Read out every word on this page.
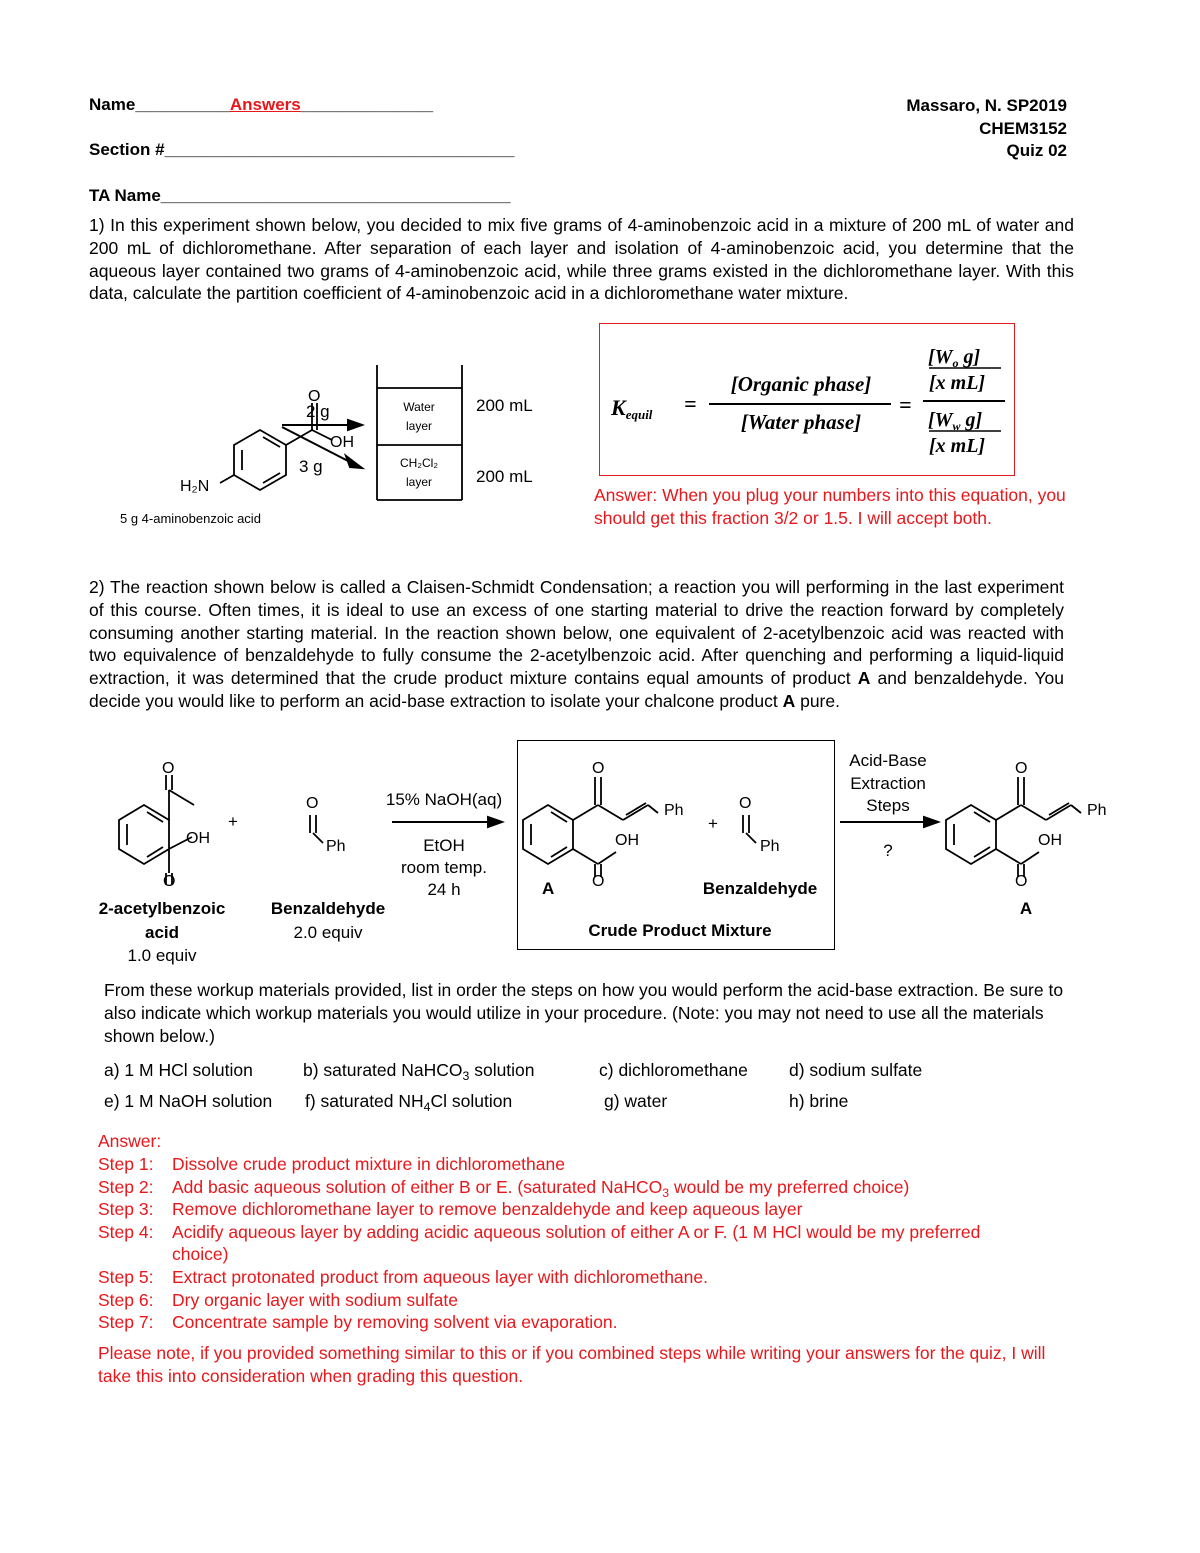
Name__________Answers______________
Section #_____________________________________
TA Name_____________________________________
Massaro, N. SP2019
CHEM3152
Quiz 02
1) In this experiment shown below, you decided to mix five grams of 4-aminobenzoic acid in a mixture of 200 mL of water and 200 mL of dichloromethane. After separation of each layer and isolation of 4-aminobenzoic acid, you determine that the aqueous layer contained two grams of 4-aminobenzoic acid, while three grams existed in the dichloromethane layer. With this data, calculate the partition coefficient of 4-aminobenzoic acid in a dichloromethane water mixture.
O
OH
H₂N
5 g 4-aminobenzoic acid
2 g
3 g
Water
layer
CH₂Cl₂
layer
200 mL
200 mL
Kequil =
[Organic phase]
[Water phase]
=
[$W_o$ g]
[x mL]
[$W_w$ g]
[x mL]
Answer: When you plug your numbers into this equation, you should get this fraction 3/2 or 1.5. I will accept both.
2) The reaction shown below is called a Claisen-Schmidt Condensation; a reaction you will performing in the last experiment of this course. Often times, it is ideal to use an excess of one starting material to drive the reaction forward by completely consuming another starting material. In the reaction shown below, one equivalent of 2-acetylbenzoic acid was reacted with two equivalence of benzaldehyde to fully consume the 2-acetylbenzoic acid. After quenching and performing a liquid-liquid extraction, it was determined that the crude product mixture contains equal amounts of product A and benzaldehyde. You decide you would like to perform an acid-base extraction to isolate your chalcone product A pure.
O
OH
O
+
O
Ph
2-acetylbenzoic
acid
1.0 equiv
Benzaldehyde
2.0 equiv
15% NaOH(aq)
EtOH
room temp.
24 h
O
Ph
OH
O
A
+
O
Ph
Benzaldehyde
Crude Product Mixture
Acid-Base
Extraction
Steps
?
O
Ph
OH
O
A
From these workup materials provided, list in order the steps on how you would perform the acid-base extraction. Be sure to also indicate which workup materials you would utilize in your procedure. (Note: you may not need to use all the materials shown below.)
a) 1 M HCl solution	b) saturated NaHCO$_3$ solution	c) dichloromethane d) sodium sulfate
e) 1 M NaOH solution f) saturated $NH_4Cl$ solution	g) water	h) brine
Answer:
Step 1: Dissolve crude product mixture in dichloromethane
Step 2: Add basic aqueous solution of either B or E. (saturated NaHCO$_3$ would be my preferred choice)
Step 3: Remove dichloromethane layer to remove benzaldehyde and keep aqueous layer
Step 4: Acidify aqueous layer by adding acidic aqueous solution of either A or F. (1 M HCl would be my preferred
choice)
Step 5: Extract protonated product from aqueous layer with dichloromethane.
Step 6: Dry organic layer with sodium sulfate
Step 7: Concentrate sample by removing solvent via evaporation.
Please note, if you provided something similar to this or if you combined steps while writing your answers for the quiz, I will take this into consideration when grading this question.
